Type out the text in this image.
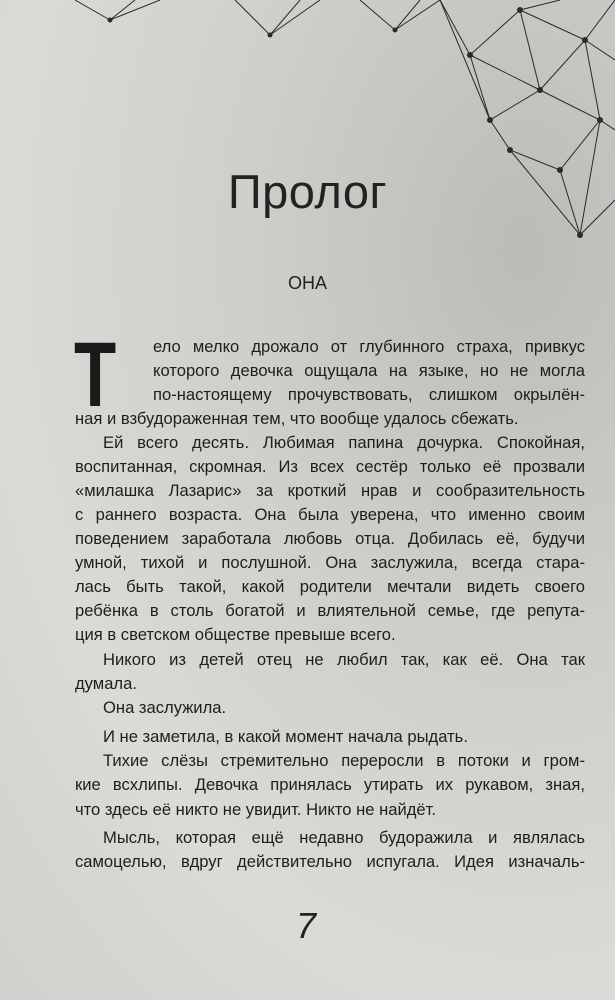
Пролог
ОНА
Т ело мелко дрожало от глубинного страха, привкус
которого девочка ощущала на языке, но не могла
по-настоящему прочувствовать, слишком окрылён-
ная и взбудораженная тем, что вообще удалось сбежать.
Ей всего десять. Любимая папина дочурка. Спокойная,
воспитанная, скромная. Из всех сестёр только её прозвали
«милашка Лазарис» за кроткий нрав и сообразительность
с раннего возраста. Она была уверена, что именно своим
поведением заработала любовь отца. Добилась её, будучи
умной, тихой и послушной. Она заслужила, всегда стара-
лась быть такой, какой родители мечтали видеть своего
ребёнка в столь богатой и влиятельной семье, где репута-
ция в светском обществе превыше всего.
Никого из детей отец не любил так, как её. Она так
думала.
Она заслужила.
И не заметила, в какой момент начала рыдать.
Тихие слёзы стремительно переросли в потоки и гром-
кие всхлипы. Девочка принялась утирать их рукавом, зная,
что здесь её никто не увидит. Никто не найдёт.
Мысль, которая ещё недавно будоражила и являлась
самоцелью, вдруг действительно испугала. Идея изначаль-
7
